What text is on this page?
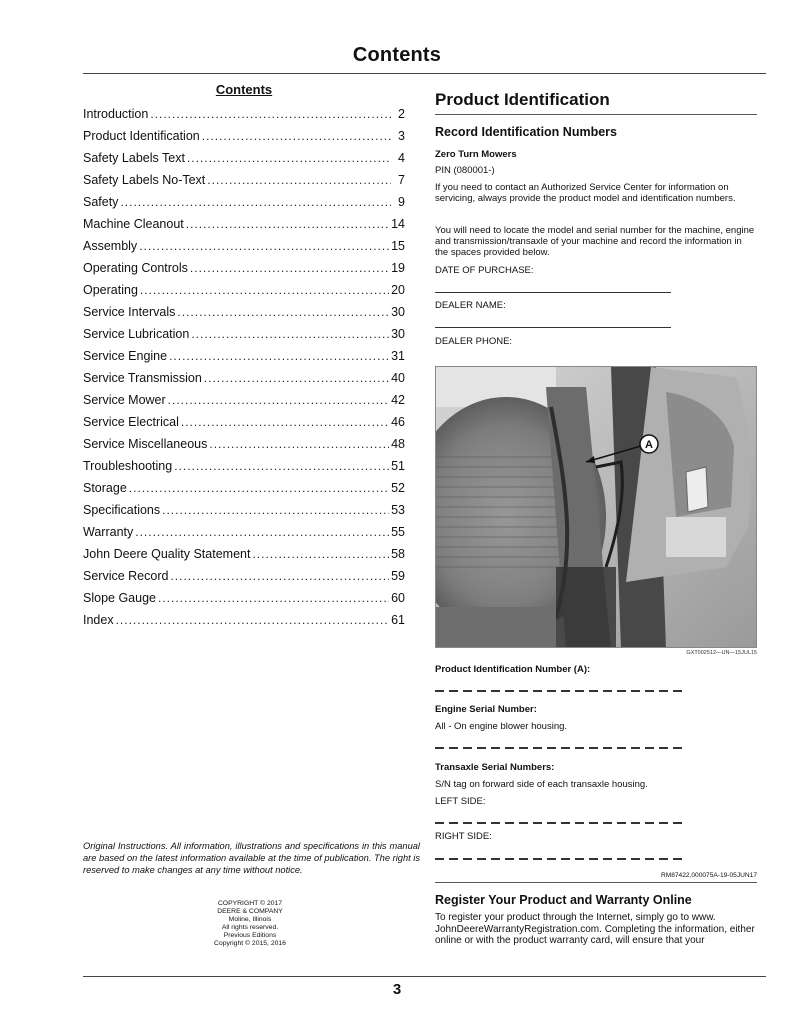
Contents
Contents
Introduction .....	2
Product Identification .....	3
Safety Labels Text .....	4
Safety Labels No-Text .....	7
Safety .....	9
Machine Cleanout .....	14
Assembly .....	15
Operating Controls .....	19
Operating .....	20
Service Intervals .....	30
Service Lubrication .....	30
Service Engine .....	31
Service Transmission .....	40
Service Mower .....	42
Service Electrical .....	46
Service Miscellaneous .....	48
Troubleshooting .....	51
Storage .....	52
Specifications .....	53
Warranty .....	55
John Deere Quality Statement .....	58
Service Record .....	59
Slope Gauge .....	60
Index .....	61
Original Instructions. All information, illustrations and specifications in this manual are based on the latest information available at the time of publication. The right is reserved to make changes at any time without notice.
COPYRIGHT © 2017
DEERE & COMPANY
Moline, Illinois
All rights reserved.
Previous Editions
Copyright © 2015, 2016
Product Identification
Record Identification Numbers
Zero Turn Mowers
PIN (080001-)
If you need to contact an Authorized Service Center for information on servicing, always provide the product model and identification numbers.
You will need to locate the model and serial number for the machine, engine and transmission/transaxle of your machine and record the information in the spaces provided below.
DATE OF PURCHASE:
DEALER NAME:
DEALER PHONE:
A
GXT002512—UN—15JUL15
Product Identification Number (A):
Engine Serial Number:
All - On engine blower housing.
Transaxle Serial Numbers:
S/N tag on forward side of each transaxle housing.
LEFT SIDE:
RIGHT SIDE:
RM87422,000075A-19-05JUN17
Register Your Product and Warranty Online
To register your product through the Internet, simply go to www. JohnDeereWarrantyRegistration.com. Completing the information, either online or with the product warranty card, will ensure that your
3
